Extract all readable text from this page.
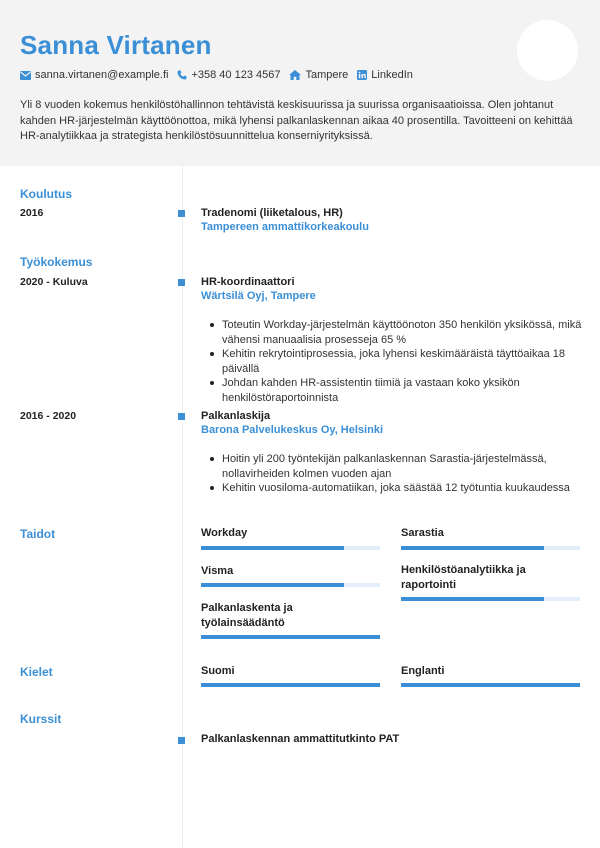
Sanna Virtanen
sanna.virtanen@example.fi +358 40 123 4567 Tampere LinkedIn
Yli 8 vuoden kokemus henkilöstöhallinnon tehtävistä keskisuurissa ja suurissa organisaatioissa. Olen johtanut kahden HR-järjestelmän käyttöönottoa, mikä lyhensi palkanlaskennan aikaa 40 prosentilla. Tavoitteeni on kehittää HR-analytiikkaa ja strategista henkilöstösuunnittelua konserniyrityksissä.
Koulutus
2016	Tradenomi (liiketalous, HR)
Tampereen ammattikorkeakoulu
Työkokemus
2020 - Kuluva	HR-koordinaattori
Wärtsilä Oyj, Tampere
Toteutin Workday-järjestelmän käyttöönoton 350 henkilön yksikössä, mikä vähensi manuaalisia prosesseja 65 %
Kehitin rekrytointiprosessia, joka lyhensi keskimääräistä täyttöaikaa 18 päivällä
Johdan kahden HR-assistentin tiimiä ja vastaan koko yksikön henkilöstöraportoinnista
2016 - 2020	Palkanlaskija
Barona Palvelukeskus Oy, Helsinki
Hoitin yli 200 työntekijän palkanlaskennan Sarastia-järjestelmässä, nollavirheiden kolmen vuoden ajan
Kehitin vuosiloma-automatiikan, joka säästää 12 työtuntia kuukaudessa
Taidot	Workday	Sarastia
Visma	Henkilöstöanalytiikka ja raportointi
Palkanlaskenta ja työlainsäädäntö
Kielet	Suomi	Englanti
Kurssit
Palkanlaskennan ammattitutkinto PAT
